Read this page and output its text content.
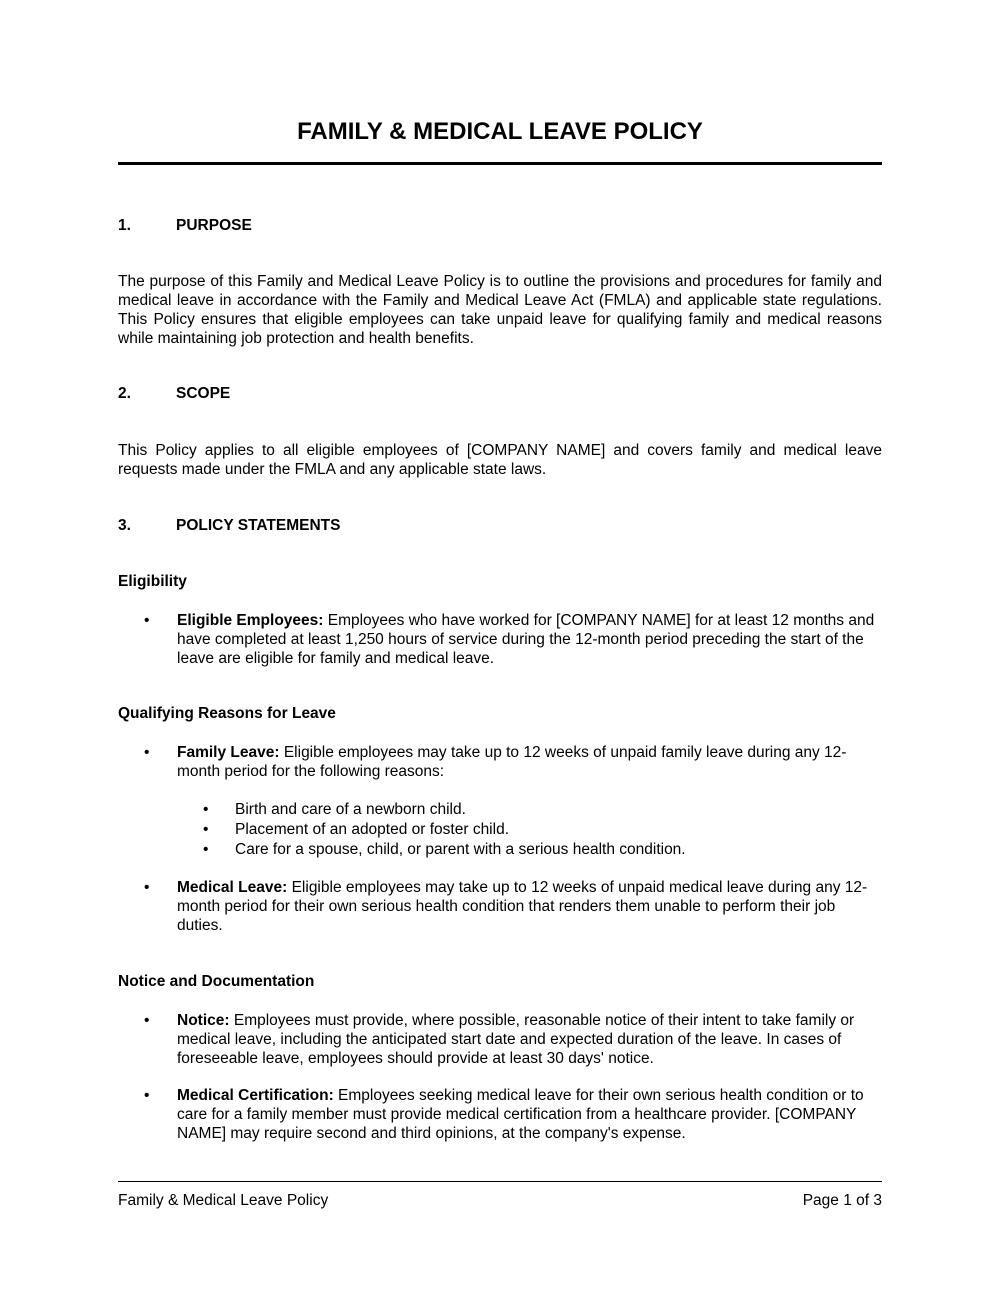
FAMILY & MEDICAL LEAVE POLICY
1.	PURPOSE

The purpose of this Family and Medical Leave Policy is to outline the provisions and procedures for family and medical leave in accordance with the Family and Medical Leave Act (FMLA) and applicable state regulations. This Policy ensures that eligible employees can take unpaid leave for qualifying family and medical reasons while maintaining job protection and health benefits.

2.	SCOPE

This Policy applies to all eligible employees of [COMPANY NAME] and covers family and medical leave requests made under the FMLA and any applicable state laws.

3.	POLICY STATEMENTS
Eligibility
• Eligible Employees: Employees who have worked for [COMPANY NAME] for at least 12 months and have completed at least 1,250 hours of service during the 12-month period preceding the start of the leave are eligible for family and medical leave.
Qualifying Reasons for Leave
• Family Leave: Eligible employees may take up to 12 weeks of unpaid family leave during any 12-month period for the following reasons:
• Birth and care of a newborn child.
• Placement of an adopted or foster child.
• Care for a spouse, child, or parent with a serious health condition.
• Medical Leave: Eligible employees may take up to 12 weeks of unpaid medical leave during any 12-month period for their own serious health condition that renders them unable to perform their job duties.
Notice and Documentation
• Notice: Employees must provide, where possible, reasonable notice of their intent to take family or medical leave, including the anticipated start date and expected duration of the leave. In cases of foreseeable leave, employees should provide at least 30 days' notice.
• Medical Certification: Employees seeking medical leave for their own serious health condition or to care for a family member must provide medical certification from a healthcare provider. [COMPANY NAME] may require second and third opinions, at the company's expense.
Family & Medical Leave Policy	Page 1 of 3
